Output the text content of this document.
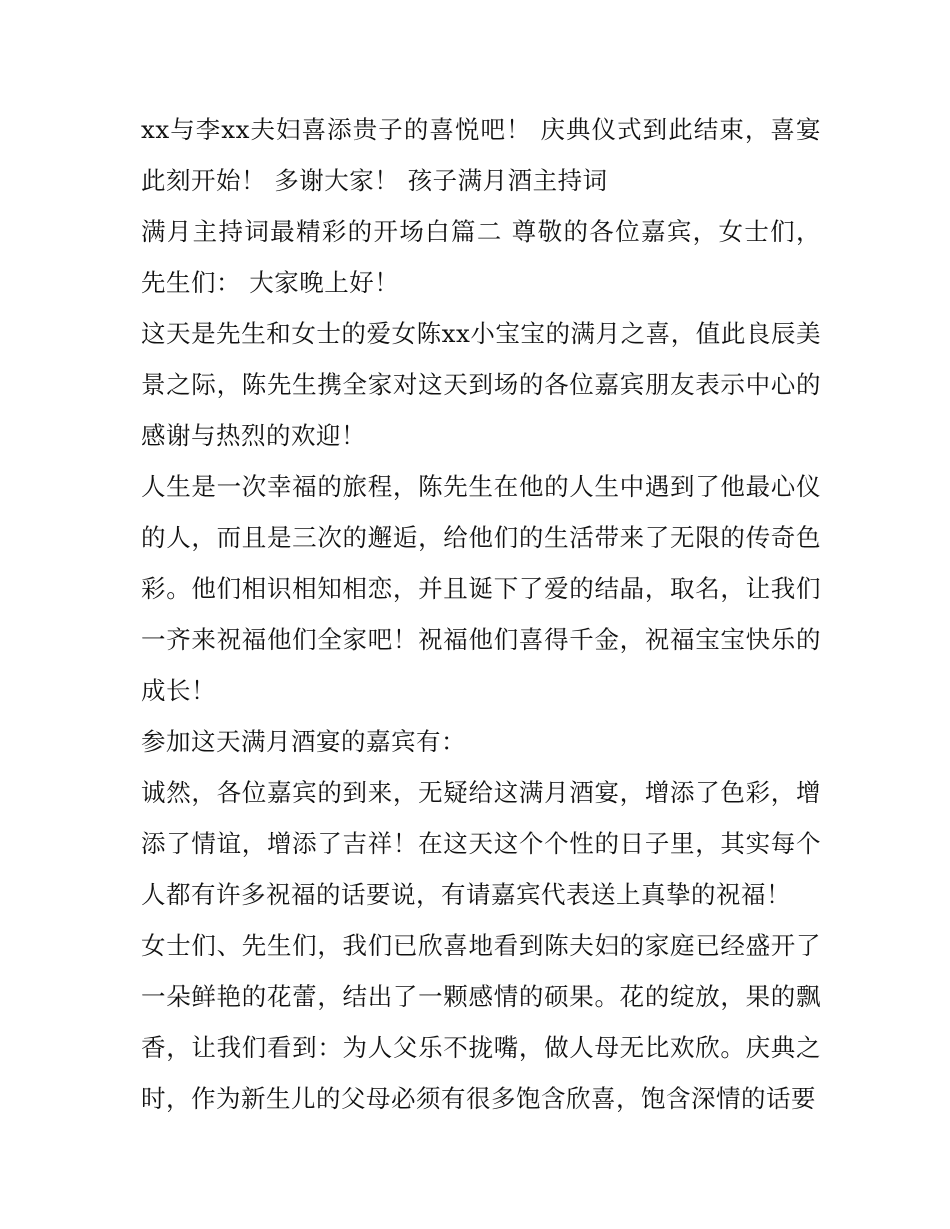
xx与李xx夫妇喜添贵子的喜悦吧！ 庆典仪式到此结束，喜宴此刻开始！ 多谢大家！ 孩子满月酒主持词

满月主持词最精彩的开场白篇二 尊敬的各位嘉宾，女士们，先生们： 大家晚上好！

这天是先生和女士的爱女陈xx小宝宝的满月之喜，值此良辰美景之际，陈先生携全家对这天到场的各位嘉宾朋友表示中心的感谢与热烈的欢迎！

人生是一次幸福的旅程，陈先生在他的人生中遇到了他最心仪的人，而且是三次的邂逅，给他们的生活带来了无限的传奇色彩。他们相识相知相恋，并且诞下了爱的结晶，取名，让我们一齐来祝福他们全家吧！祝福他们喜得千金，祝福宝宝快乐的成长！

参加这天满月酒宴的嘉宾有：

诚然，各位嘉宾的到来，无疑给这满月酒宴，增添了色彩，增添了情谊，增添了吉祥！在这天这个个性的日子里，其实每个人都有许多祝福的话要说，有请嘉宾代表送上真挚的祝福！

女士们、先生们，我们已欣喜地看到陈夫妇的家庭已经盛开了一朵鲜艳的花蕾，结出了一颗感情的硕果。花的绽放，果的飘香，让我们看到：为人父乐不拢嘴，做人母无比欢欣。庆典之时，作为新生儿的父母必须有很多饱含欣喜，饱含深情的话要
